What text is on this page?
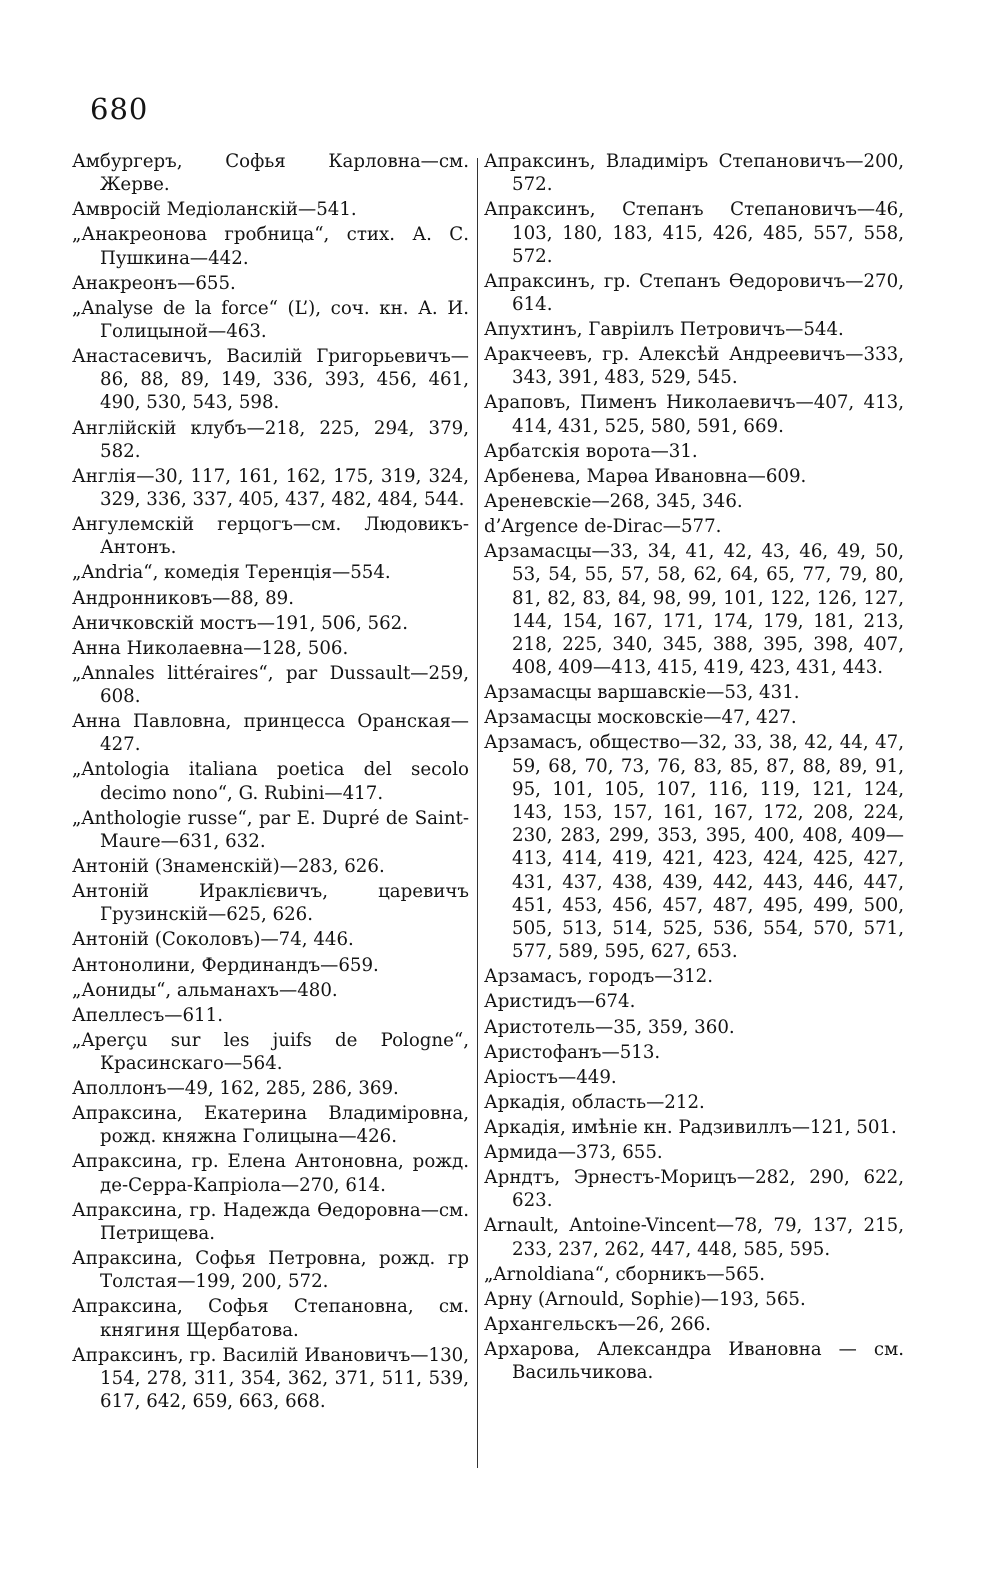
680

Амбургеръ, Софья Карловна—см. Жерве.

Амвросій Медіоланскій—541.

„Анакреонова гробница“, стих. А. С. Пушкина—442.

Анакреонъ—655.

„Analyse de la force“ (L’), соч. кн. А. И. Голицыной—463.

Анастасевичъ, Василій Григорьевичъ—86, 88, 89, 149, 336, 393, 456, 461, 490, 530, 543, 598.

Англійскій клубъ—218, 225, 294, 379, 582.

Англія—30, 117, 161, 162, 175, 319, 324, 329, 336, 337, 405, 437, 482, 484, 544.

Ангулемскій герцогъ—см. Людовикъ-Антонъ.

„Andria“, комедія Теренція—554.

Андронниковъ—88, 89.

Аничковскій мостъ—191, 506, 562.

Анна Николаевна—128, 506.

„Annales littéraires“, par Dussault—259, 608.

Анна Павловна, принцесса Оранская—427.

„Antologia italiana poetica del secolo decimo nono“, G. Rubini—417.

„Anthologie russe“, par E. Dupré de Saint-Maure—631, 632.

Антоній (Знаменскій)—283, 626.

Антоній Ираклієвичъ, царевичъ Грузинскій—625, 626.

Антоній (Соколовъ)—74, 446.

Антонолини, Фердинандъ—659.

„Аониды“, альманахъ—480.

Апеллесъ—611.

„Aperçu sur les juifs de Pologne“, Красинскаго—564.

Аполлонъ—49, 162, 285, 286, 369.

Апраксина, Екатерина Владиміровна, рожд. княжна Голицына—426.

Апраксина, гр. Елена Антоновна, рожд. де-Серра-Капріола—270, 614.

Апраксина, гр. Надежда Ѳедоровна—см. Петрищева.

Апраксина, Софья Петровна, рожд. гр Толстая—199, 200, 572.

Апраксина, Софья Степановна, см. княгиня Щербатова.

Апраксинъ, гр. Василій Ивановичъ—130, 154, 278, 311, 354, 362, 371, 511, 539, 617, 642, 659, 663, 668.

Апраксинъ, Владиміръ Степановичъ—200, 572.

Апраксинъ, Степанъ Степановичъ—46, 103, 180, 183, 415, 426, 485, 557, 558, 572.

Апраксинъ, гр. Степанъ Ѳедоровичъ—270, 614.

Апухтинъ, Гавріилъ Петровичъ—544.

Аракчеевъ, гр. Алексѣй Андреевичъ—333, 343, 391, 483, 529, 545.

Араповъ, Пименъ Николаевичъ—407, 413, 414, 431, 525, 580, 591, 669.

Арбатскія ворота—31.

Арбенева, Марѳа Ивановна—609.

Ареневскіе—268, 345, 346.

d’Argence de-Dirac—577.

Арзамасцы—33, 34, 41, 42, 43, 46, 49, 50, 53, 54, 55, 57, 58, 62, 64, 65, 77, 79, 80, 81, 82, 83, 84, 98, 99, 101, 122, 126, 127, 144, 154, 167, 171, 174, 179, 181, 213, 218, 225, 340, 345, 388, 395, 398, 407, 408, 409—413, 415, 419, 423, 431, 443.

Арзамасцы варшавскіе—53, 431.

Арзамасцы московскіе—47, 427.

Арзамасъ, общество—32, 33, 38, 42, 44, 47, 59, 68, 70, 73, 76, 83, 85, 87, 88, 89, 91, 95, 101, 105, 107, 116, 119, 121, 124, 143, 153, 157, 161, 167, 172, 208, 224, 230, 283, 299, 353, 395, 400, 408, 409—413, 414, 419, 421, 423, 424, 425, 427, 431, 437, 438, 439, 442, 443, 446, 447, 451, 453, 456, 457, 487, 495, 499, 500, 505, 513, 514, 525, 536, 554, 570, 571, 577, 589, 595, 627, 653.

Арзамасъ, городъ—312.

Аристидъ—674.

Аристотель—35, 359, 360.

Аристофанъ—513.

Аріостъ—449.

Аркадія, область—212.

Аркадія, имѣніе кн. Радзивиллъ—121, 501.

Армида—373, 655.

Арндтъ, Эрнестъ-Морицъ—282, 290, 622, 623.

Arnault, Antoine-Vincent—78, 79, 137, 215, 233, 237, 262, 447, 448, 585, 595.

„Arnoldiana“, сборникъ—565.

Арну (Arnould, Sophie)—193, 565.

Архангельскъ—26, 266.

Архарова, Александра Ивановна — см. Васильчикова.
